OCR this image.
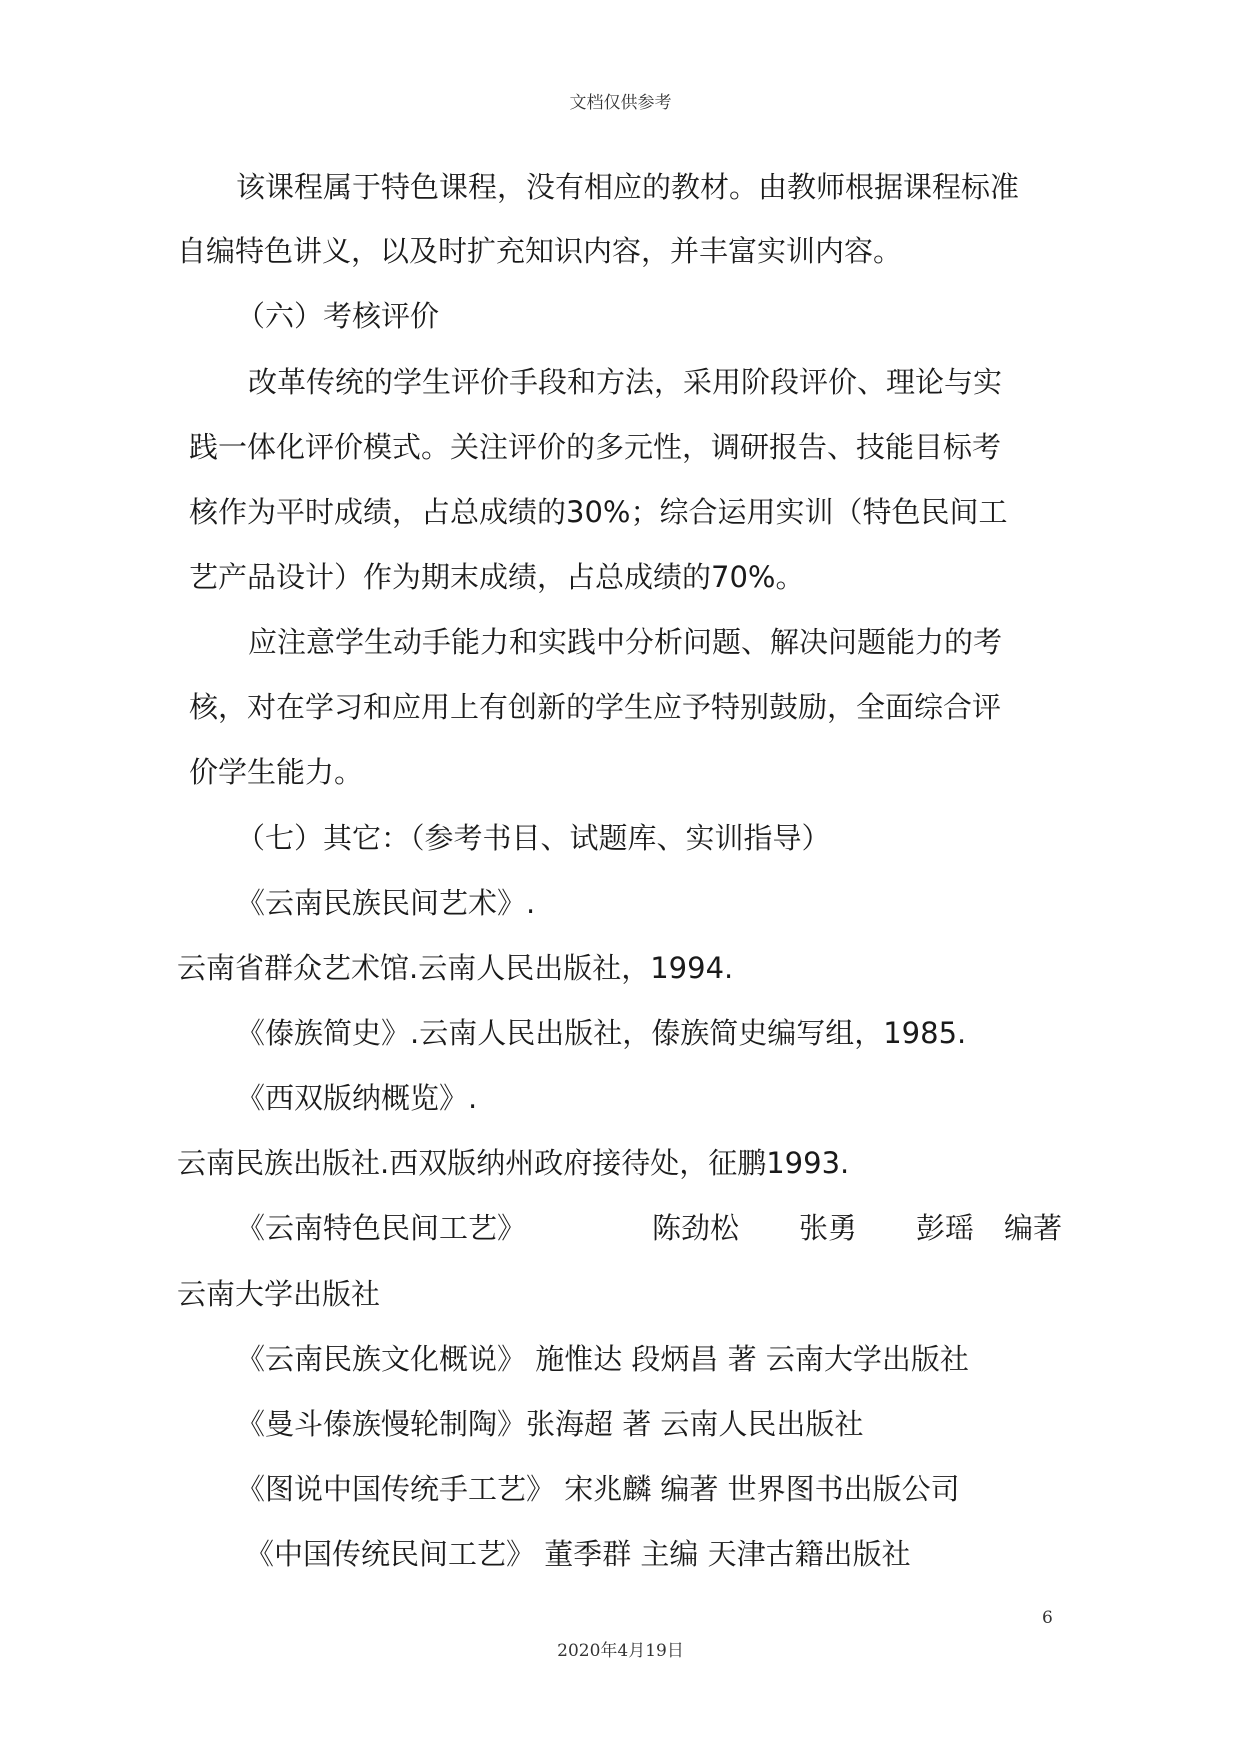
文档仅供参考
该课程属于特色课程，没有相应的教材。由教师根据课程标准
自编特色讲义，以及时扩充知识内容，并丰富实训内容。
（六）考核评价
改革传统的学生评价手段和方法，采用阶段评价、理论与实
践一体化评价模式。关注评价的多元性，调研报告、技能目标考
核作为平时成绩，占总成绩的30%；综合运用实训（特色民间工
艺产品设计）作为期末成绩，占总成绩的70%。
应注意学生动手能力和实践中分析问题、解决问题能力的考
核，对在学习和应用上有创新的学生应予特别鼓励，全面综合评
价学生能力。
（七）其它：（参考书目、试题库、实训指导）
《云南民族民间艺术》.
云南省群众艺术馆.云南人民出版社，1994.
《傣族简史》.云南人民出版社，傣族简史编写组，1985.
《西双版纳概览》.
云南民族出版社.西双版纳州政府接待处，征鹏1993.
《云南特色民间工艺》	陈劲松 张勇 彭瑶 编著
云南大学出版社
《云南民族文化概说》 施惟达 段炳昌 著 云南大学出版社
《曼斗傣族慢轮制陶》张海超 著 云南人民出版社
《图说中国传统手工艺》 宋兆麟 编著 世界图书出版公司
《中国传统民间工艺》 董季群 主编 天津古籍出版社
6
2020年4月19日
